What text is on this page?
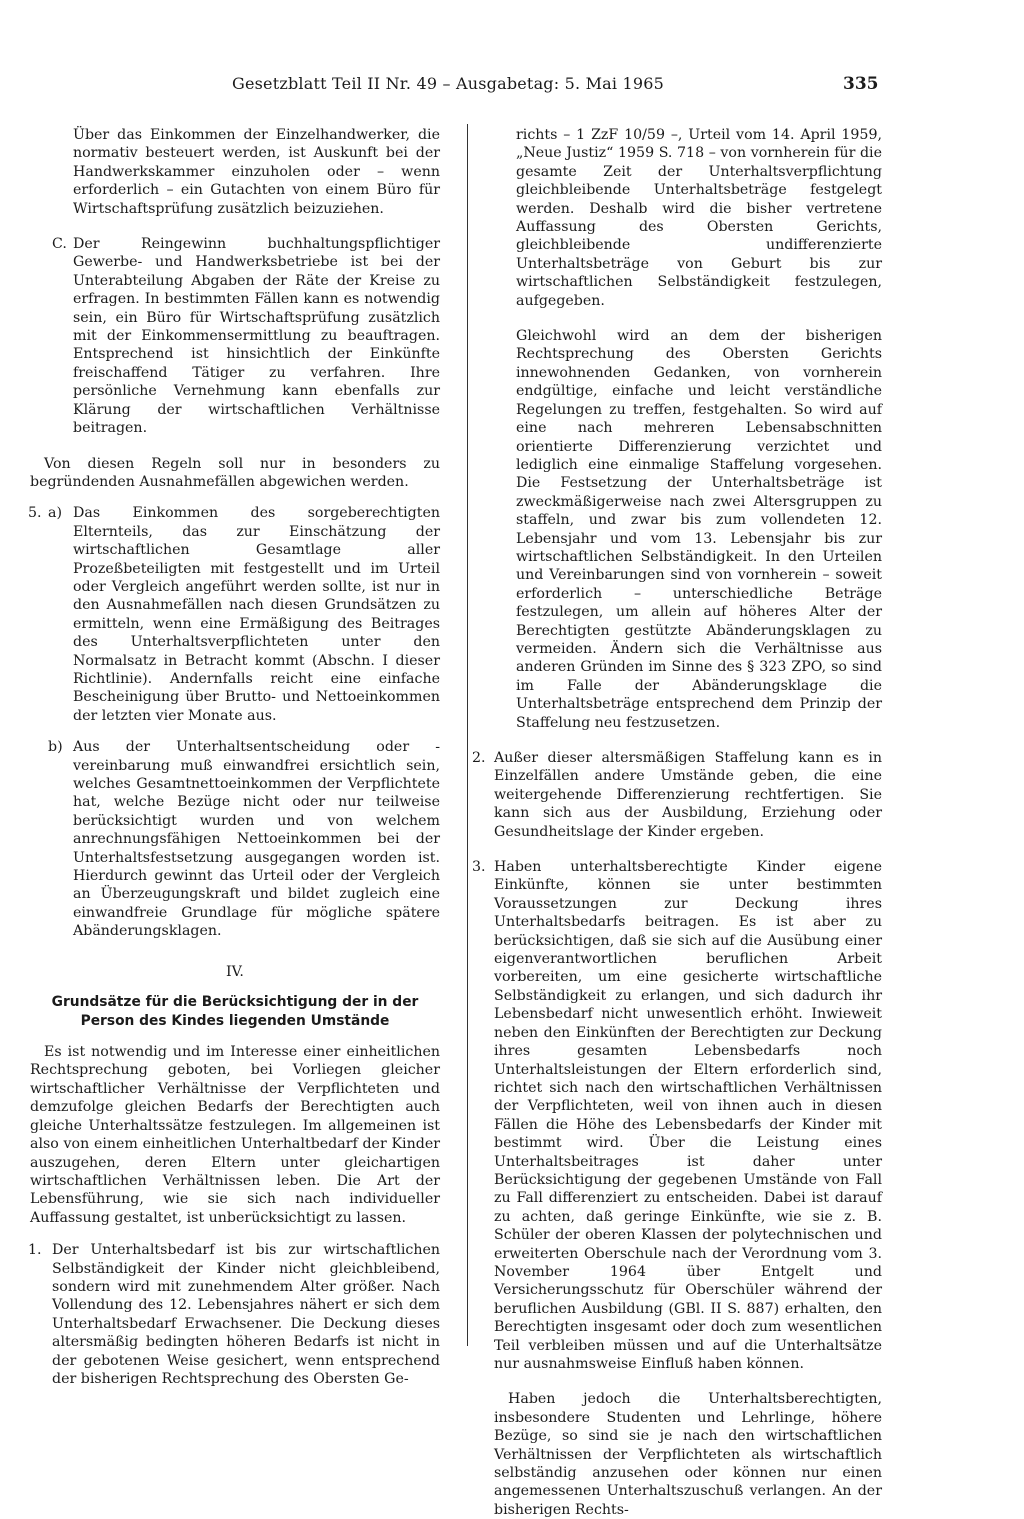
Gesetzblatt Teil II Nr. 49 – Ausgabetag: 5. Mai 1965	335

Über das Einkommen der Einzelhandwerker, die normativ besteuert werden, ist Auskunft bei der Handwerkskammer einzuholen oder – wenn erforderlich – ein Gutachten von einem Büro für Wirtschaftsprüfung zusätzlich beizuziehen.

C. Der Reingewinn buchhaltungspflichtiger Gewerbe- und Handwerksbetriebe ist bei der Unterabteilung Abgaben der Räte der Kreise zu erfragen. In bestimmten Fällen kann es notwendig sein, ein Büro für Wirtschaftsprüfung zusätzlich mit der Einkommensermittlung zu beauftragen. Entsprechend ist hinsichtlich der Einkünfte freischaffend Tätiger zu verfahren. Ihre persönliche Vernehmung kann ebenfalls zur Klärung der wirtschaftlichen Verhältnisse beitragen.

Von diesen Regeln soll nur in besonders zu begründenden Ausnahmefällen abgewichen werden.

5. a) Das Einkommen des sorgeberechtigten Elternteils, das zur Einschätzung der wirtschaftlichen Gesamtlage aller Prozeßbeteiligten mit festgestellt und im Urteil oder Vergleich angeführt werden sollte, ist nur in den Ausnahmefällen nach diesen Grundsätzen zu ermitteln, wenn eine Ermäßigung des Beitrages des Unterhaltsverpflichteten unter den Normalsatz in Betracht kommt (Abschn. I dieser Richtlinie). Andernfalls reicht eine einfache Bescheinigung über Brutto- und Nettoeinkommen der letzten vier Monate aus.
b) Aus der Unterhaltsentscheidung oder -vereinbarung muß einwandfrei ersichtlich sein, welches Gesamtnettoeinkommen der Verpflichtete hat, welche Bezüge nicht oder nur teilweise berücksichtigt wurden und von welchem anrechnungsfähigen Nettoeinkommen bei der Unterhaltsfestsetzung ausgegangen worden ist. Hierdurch gewinnt das Urteil oder der Vergleich an Überzeugungskraft und bildet zugleich eine einwandfreie Grundlage für mögliche spätere Abänderungsklagen.
IV.
Grundsätze für die Berücksichtigung der in der Person des Kindes liegenden Umstände

Es ist notwendig und im Interesse einer einheitlichen Rechtsprechung geboten, bei Vorliegen gleicher wirtschaftlicher Verhältnisse der Verpflichteten und demzufolge gleichen Bedarfs der Berechtigten auch gleiche Unterhaltssätze festzulegen. Im allgemeinen ist also von einem einheitlichen Unterhaltbedarf der Kinder auszugehen, deren Eltern unter gleichartigen wirtschaftlichen Verhältnissen leben. Die Art der Lebensführung, wie sie sich nach individueller Auffassung gestaltet, ist unberücksichtigt zu lassen.

1. Der Unterhaltsbedarf ist bis zur wirtschaftlichen Selbständigkeit der Kinder nicht gleichbleibend, sondern wird mit zunehmendem Alter größer. Nach Vollendung des 12. Lebensjahres nähert er sich dem Unterhaltsbedarf Erwachsener. Die Deckung dieses altersmäßig bedingten höheren Bedarfs ist nicht in der gebotenen Weise gesichert, wenn entsprechend der bisherigen Rechtsprechung des Obersten Ge-

richts – 1 ZzF 10/59 –, Urteil vom 14. April 1959, „Neue Justiz“ 1959 S. 718 – von vornherein für die gesamte Zeit der Unterhaltsverpflichtung gleichbleibende Unterhaltsbeträge festgelegt werden. Deshalb wird die bisher vertretene Auffassung des Obersten Gerichts, gleichbleibende undifferenzierte Unterhaltsbeträge von Geburt bis zur wirtschaftlichen Selbständigkeit festzulegen, aufgegeben.

Gleichwohl wird an dem der bisherigen Rechtsprechung des Obersten Gerichts innewohnenden Gedanken, von vornherein endgültige, einfache und leicht verständliche Regelungen zu treffen, festgehalten. So wird auf eine nach mehreren Lebensabschnitten orientierte Differenzierung verzichtet und lediglich eine einmalige Staffelung vorgesehen. Die Festsetzung der Unterhaltsbeträge ist zweckmäßigerweise nach zwei Altersgruppen zu staffeln, und zwar bis zum vollendeten 12. Lebensjahr und vom 13. Lebensjahr bis zur wirtschaftlichen Selbständigkeit. In den Urteilen und Vereinbarungen sind von vornherein – soweit erforderlich – unterschiedliche Beträge festzulegen, um allein auf höheres Alter der Berechtigten gestützte Abänderungsklagen zu vermeiden. Ändern sich die Verhältnisse aus anderen Gründen im Sinne des § 323 ZPO, so sind im Falle der Abänderungsklage die Unterhaltsbeträge entsprechend dem Prinzip der Staffelung neu festzusetzen.

2. Außer dieser altersmäßigen Staffelung kann es in Einzelfällen andere Umstände geben, die eine weitergehende Differenzierung rechtfertigen. Sie kann sich aus der Ausbildung, Erziehung oder Gesundheitslage der Kinder ergeben.
3. Haben unterhaltsberechtigte Kinder eigene Einkünfte, können sie unter bestimmten Voraussetzungen zur Deckung ihres Unterhaltsbedarfs beitragen. Es ist aber zu berücksichtigen, daß sie sich auf die Ausübung einer eigenverantwortlichen beruflichen Arbeit vorbereiten, um eine gesicherte wirtschaftliche Selbständigkeit zu erlangen, und sich dadurch ihr Lebensbedarf nicht unwesentlich erhöht. Inwieweit neben den Einkünften der Berechtigten zur Deckung ihres gesamten Lebensbedarfs noch Unterhaltsleistungen der Eltern erforderlich sind, richtet sich nach den wirtschaftlichen Verhältnissen der Verpflichteten, weil von ihnen auch in diesen Fällen die Höhe des Lebensbedarfs der Kinder mit bestimmt wird. Über die Leistung eines Unterhaltsbeitrages ist daher unter Berücksichtigung der gegebenen Umstände von Fall zu Fall differenziert zu entscheiden. Dabei ist darauf zu achten, daß geringe Einkünfte, wie sie z. B. Schüler der oberen Klassen der polytechnischen und erweiterten Oberschule nach der Verordnung vom 3. November 1964 über Entgelt und Versicherungsschutz für Oberschüler während der beruflichen Ausbildung (GBl. II S. 887) erhalten, den Berechtigten insgesamt oder doch zum wesentlichen Teil verbleiben müssen und auf die Unterhaltsätze nur ausnahmsweise Einfluß haben können.

Haben jedoch die Unterhaltsberechtigten, insbesondere Studenten und Lehrlinge, höhere Bezüge, so sind sie je nach den wirtschaftlichen Verhältnissen der Verpflichteten als wirtschaftlich selbständig anzusehen oder können nur einen angemessenen Unterhaltszuschuß verlangen. An der bisherigen Rechts-
